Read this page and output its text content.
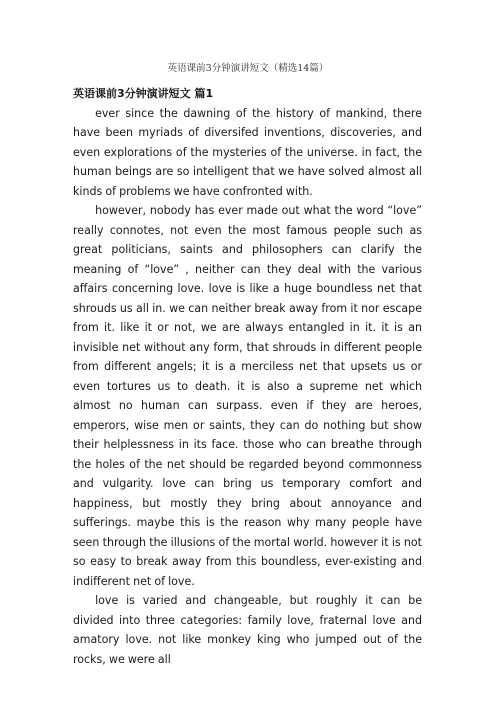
英语课前3分钟演讲短文（精选14篇）
英语课前3分钟演讲短文 篇1

ever since the dawning of the history of mankind, there have been myriads of diversifed inventions, discoveries, and even explorations of the mysteries of the universe. in fact, the human beings are so intelligent that we have solved almost all kinds of problems we have confronted with.

however, nobody has ever made out what the word “love” really connotes, not even the most famous people such as great politicians, saints and philosophers can clarify the meaning of “love” , neither can they deal with the various affairs concerning love. love is like a huge boundless net that shrouds us all in. we can neither break away from it nor escape from it. like it or not, we are always entangled in it. it is an invisible net without any form, that shrouds in different people from different angels; it is a merciless net that upsets us or even tortures us to death. it is also a supreme net which almost no human can surpass. even if they are heroes, emperors, wise men or saints, they can do nothing but show their helplessness in its face. those who can breathe through the holes of the net should be regarded beyond commonness and vulgarity. love can bring us temporary comfort and happiness, but mostly they bring about annoyance and sufferings. maybe this is the reason why many people have seen through the illusions of the mortal world. however it is not so easy to break away from this boundless, ever-existing and indifferent net of love.

love is varied and changeable, but roughly it can be divided into three categories: family love, fraternal love and amatory love. not like monkey king who jumped out of the rocks, we were all
